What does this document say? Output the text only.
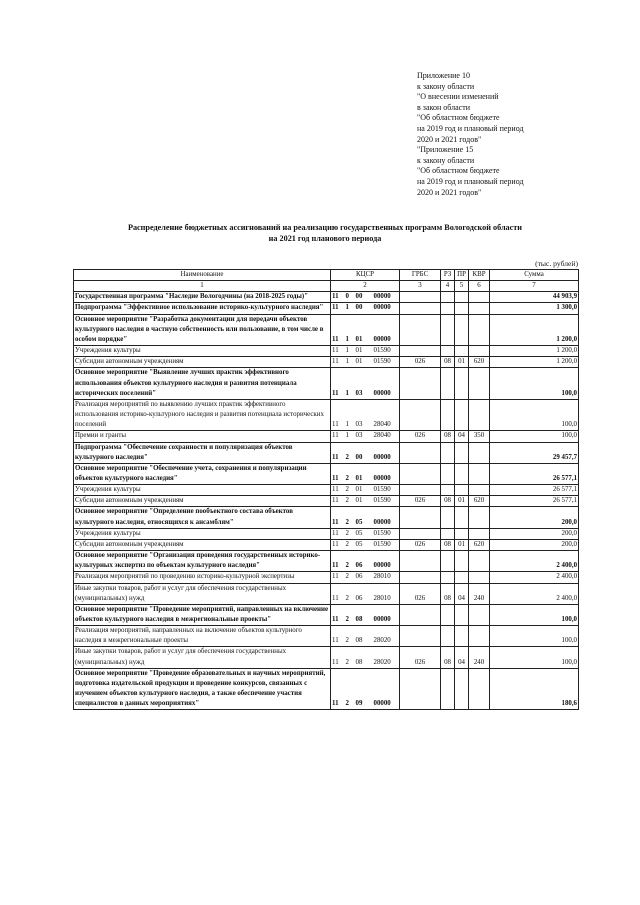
Приложение 10
к закону области
"О внесении изменений
в закон области
"Об областном бюджете
на 2019 год и плановый период
2020 и 2021 годов"
"Приложение 15
к закону области
"Об областном бюджете
на 2019 год и плановый период
2020 и 2021 годов"
Распределение бюджетных ассигнований на реализацию государственных программ Вологодской области
на 2021 год планового периода
(тыс. рублей)
Наименование	КЦСР				ГРБС	РЗ	ПР	КВР	Сумма
1	2				3	4	5	6	7
Государственная программа "Наследие Вологодчины (на 2018-2025 годы)"	11	0	00	00000					44 903,9
Подпрограмма "Эффективное использование историко-культурного наследия"	11	1	00	00000					1 300,0
Основное мероприятие "Разработка документации для передачи объектов культурного наследия в частную собственность или пользование, в том числе в особом порядке"	11	1	01	00000					1 200,0
Учреждения культуры	11	1	01	01590					1 200,0
Субсидии автономным учреждениям	11	1	01	01590	026	08	01	620	1 200,0
Основное мероприятие "Выявление лучших практик эффективного использования объектов культурного наследия и развития потенциала исторических поселений"	11	1	03	00000					100,0
Реализация мероприятий по выявлению лучших практик эффективного использования историко-культурного наследия и развития потенциала исторических поселений	11	1	03	28040					100,0
Премии и гранты	11	1	03	28040	026	08	04	350	100,0
Подпрограмма "Обеспечение сохранности и популяризация объектов культурного наследия"	11	2	00	00000					29 457,7
Основное мероприятие "Обеспечение учета, сохранения и популяризации объектов культурного наследия"	11	2	01	00000					26 577,1
Учреждения культуры	11	2	01	01590					26 577,1
Субсидии автономным учреждениям	11	2	01	01590	026	08	01	620	26 577,1
Основное мероприятие "Определение пообъектного состава объектов культурного наследия, относящихся к ансамблям"	11	2	05	00000					200,0
Учреждения культуры	11	2	05	01590					200,0
Субсидии автономным учреждениям	11	2	05	01590	026	08	01	620	200,0
Основное мероприятие "Организация проведения государственных историко-культурных экспертиз по объектам культурного наследия"	11	2	06	00000					2 400,0
Реализация мероприятий по проведению историко-культурной экспертизы	11	2	06	28010					2 400,0
Иные закупки товаров, работ и услуг для обеспечения государственных (муниципальных) нужд	11	2	06	28010	026	08	04	240	2 400,0
Основное мероприятие "Проведение мероприятий, направленных на включение объектов культурного наследия в межрегиональные проекты"	11	2	08	00000					100,0
Реализация мероприятий, направленных на включение объектов культурного наследия в межрегиональные проекты	11	2	08	28020					100,0
Иные закупки товаров, работ и услуг для обеспечения государственных (муниципальных) нужд	11	2	08	28020	026	08	04	240	100,0
Основное мероприятие "Проведение образовательных и научных мероприятий, подготовка издательской продукции и проведение конкурсов, связанных с изучением объектов культурного наследия, а также обеспечение участия специалистов в данных мероприятиях"	11	2	09	00000					180,6
